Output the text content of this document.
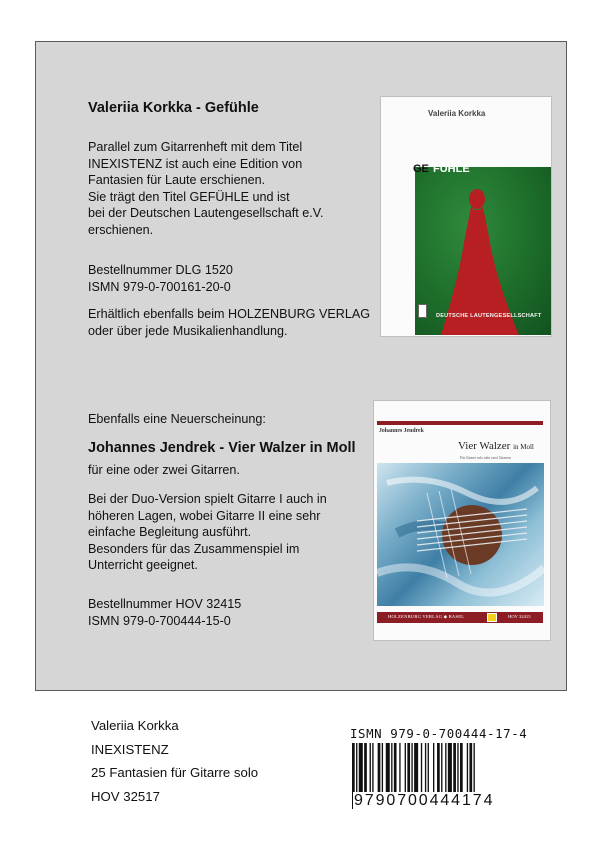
Valeriia Korkka - Gefühle

Parallel zum Gitarrenheft mit dem Titel

INEXISTENZ ist auch eine Edition von

Fantasien für Laute erschienen.

Sie trägt den Titel GEFÜHLE und ist

bei der Deutschen Lautengesellschaft e.V.

erschienen.

Bestellnummer DLG 1520

ISMN 979-0-700161-20-0

Erhältlich ebenfalls beim HOLZENBURG VERLAG

oder über jede Musikalienhandlung.

Valeriia Korkka
GE FÜHLE
DEUTSCHE LAUTENGESELLSCHAFT
Ebenfalls eine Neuerscheinung:
Johannes Jendrek - Vier Walzer in Moll
für eine oder zwei Gitarren.

Bei der Duo-Version spielt Gitarre I auch in

höheren Lagen, wobei Gitarre II eine sehr

einfache Begleitung ausführt.

Besonders für das Zusammenspiel im

Unterricht geeignet.

Bestellnummer HOV 32415

ISMN 979-0-700444-15-0

Johannes Jendrek
Vier Walzer in Moll
Für Gitarre solo oder zwei Gitarren
HOLZENBURG VERLAG ◆ BASEL	HOV 32415
Valeriia Korkka
INEXISTENZ
25 Fantasien für Gitarre solo
HOV 32517
ISMN 979-0-700444-17-4
9790700444174
